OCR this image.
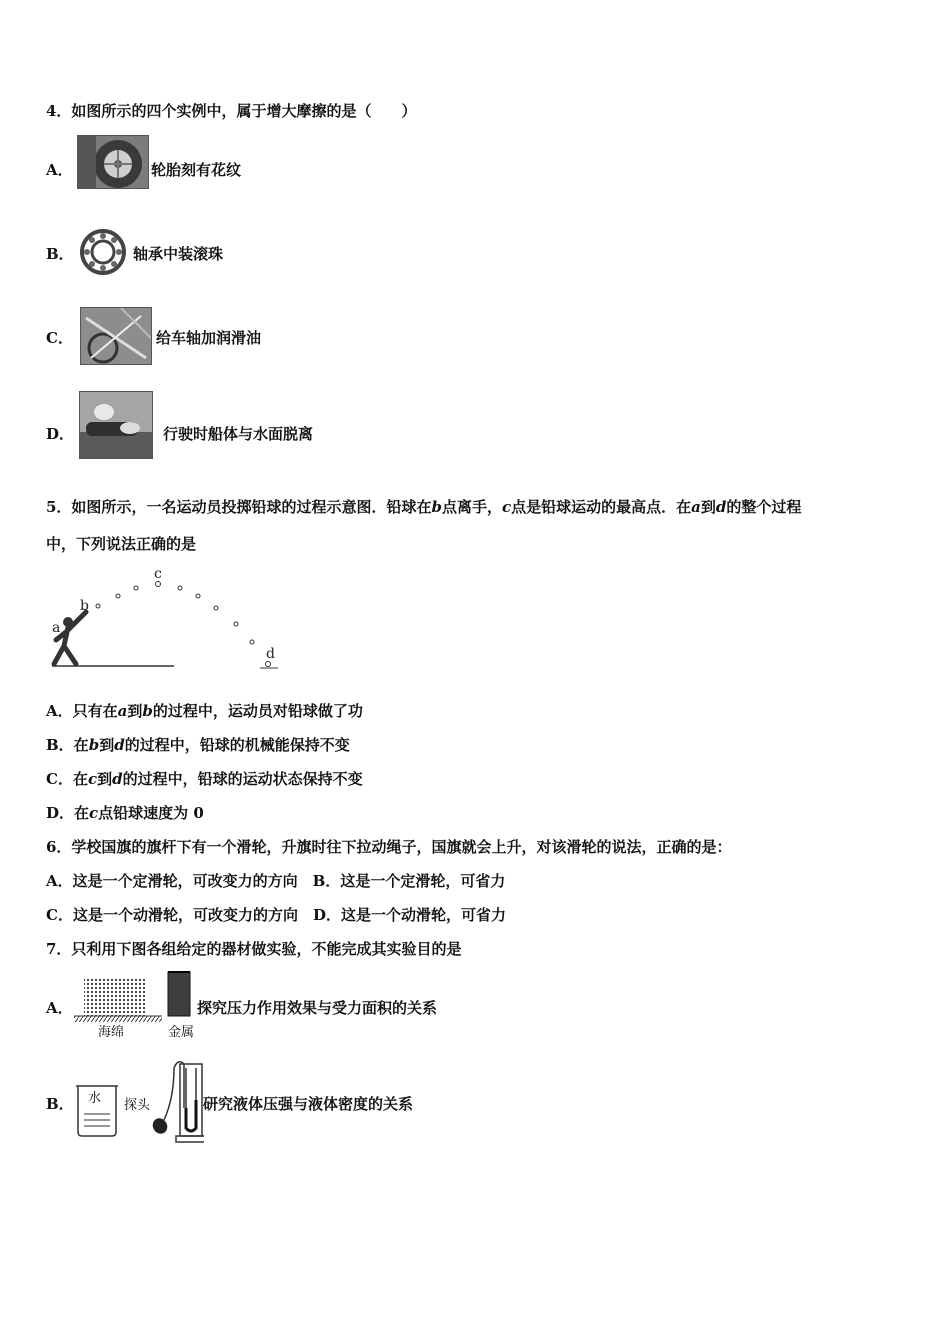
4．如图所示的四个实例中，属于增大摩擦的是（　　）
A．	轮胎刻有花纹
B．	轴承中装滚珠
C．	给车轴加润滑油
D．	行驶时船体与水面脱离
5．如图所示，一名运动员投掷铅球的过程示意图．铅球在b点离手，c点是铅球运动的最高点．在a到d的整个过程
中，下列说法正确的是
a
b
c
d
A．只有在a到b的过程中，运动员对铅球做了功
B．在b到d的过程中，铅球的机械能保持不变
C．在c到d的过程中，铅球的运动状态保持不变
D．在c点铅球速度为 0
6．学校国旗的旗杆下有一个滑轮，升旗时往下拉动绳子，国旗就会上升，对该滑轮的说法，正确的是：
A．这是一个定滑轮，可改变力的方向　B．这是一个定滑轮，可省力
C．这是一个动滑轮，可改变力的方向　D．这是一个动滑轮，可省力
7．只利用下图各组给定的器材做实验，不能完成其实验目的是
A．
海绵	金属
探究压力作用效果与受力面积的关系
B． 水 探头	研究液体压强与液体密度的关系
